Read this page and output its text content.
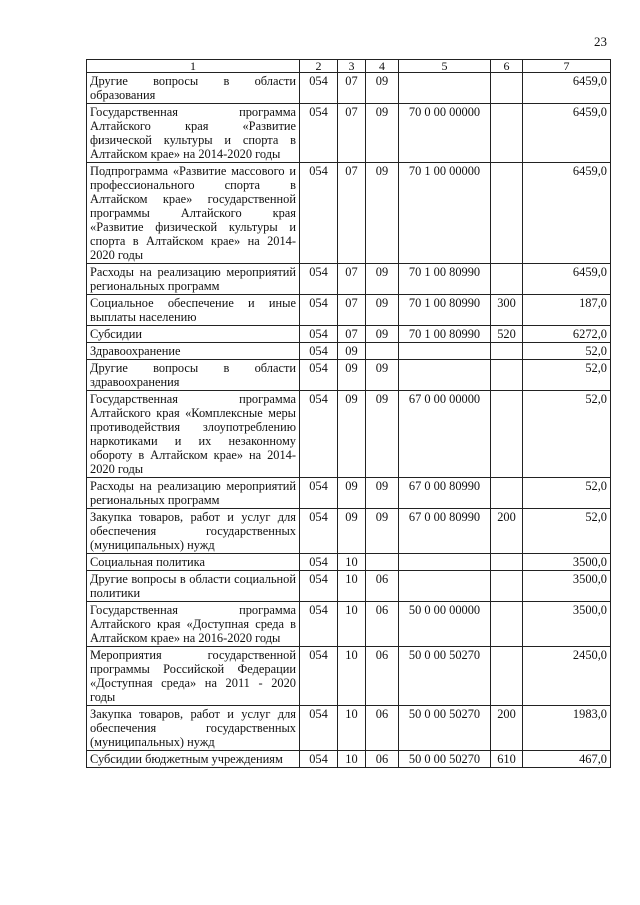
23
1	2	3	4	5	6	7
Другие вопросы в области образования	054	07	09			6459,0
Государственная программа Алтайского края «Развитие физической культуры и спорта в Алтайском крае» на 2014-2020 годы	054	07	09	70 0 00 00000		6459,0
Подпрограмма «Развитие массового и профессионального спорта в Алтайском крае» государственной программы Алтайского края «Развитие физической культуры и спорта в Алтайском крае» на 2014-2020 годы	054	07	09	70 1 00 00000		6459,0
Расходы на реализацию мероприятий региональных программ	054	07	09	70 1 00 80990		6459,0
Социальное обеспечение и иные выплаты населению	054	07	09	70 1 00 80990	300	187,0
Субсидии	054	07	09	70 1 00 80990	520	6272,0
Здравоохранение	054	09				52,0
Другие вопросы в области здравоохранения	054	09	09			52,0
Государственная программа Алтайского края «Комплексные меры противодействия злоупотреблению наркотиками и их незаконному обороту в Алтайском крае» на 2014-2020 годы	054	09	09	67 0 00 00000		52,0
Расходы на реализацию мероприятий региональных программ	054	09	09	67 0 00 80990		52,0
Закупка товаров, работ и услуг для обеспечения государственных (муниципальных) нужд	054	09	09	67 0 00 80990	200	52,0
Социальная политика	054	10				3500,0
Другие вопросы в области социальной политики	054	10	06			3500,0
Государственная программа Алтайского края «Доступная среда в Алтайском крае» на 2016-2020 годы	054	10	06	50 0 00 00000		3500,0
Мероприятия государственной программы Российской Федерации «Доступная среда» на 2011 - 2020 годы	054	10	06	50 0 00 50270		2450,0
Закупка товаров, работ и услуг для обеспечения государственных (муниципальных) нужд	054	10	06	50 0 00 50270	200	1983,0
Субсидии бюджетным учреждениям	054	10	06	50 0 00 50270	610	467,0
